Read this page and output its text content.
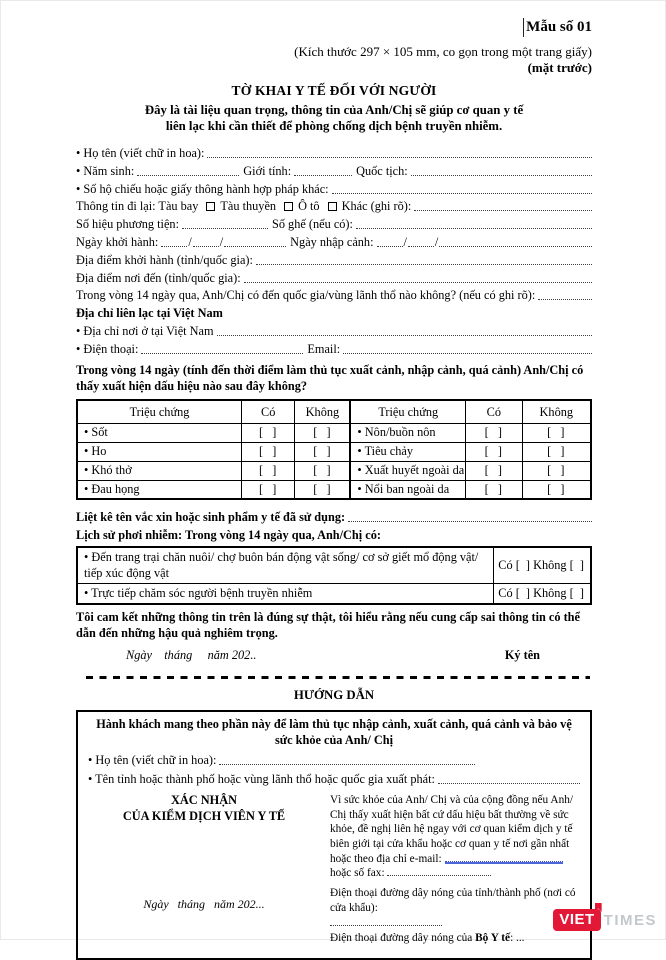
Mẫu số 01
(Kích thước 297 × 105 mm, co gọn trong một trang giấy)
(mặt trước)
TỜ KHAI Y TẾ ĐỐI VỚI NGƯỜI
Đây là tài liệu quan trọng, thông tin của Anh/Chị sẽ giúp cơ quan y tế
liên lạc khi cần thiết để phòng chống dịch bệnh truyền nhiễm.
• Họ tên (viết chữ in hoa):
• Năm sinh:	Giới tính:	Quốc tịch:
• Số hộ chiếu hoặc giấy thông hành hợp pháp khác:
Thông tin đi lại: Tàu bay Tàu thuyền Ô tô Khác (ghi rõ):
Số hiệu phương tiện:	Số ghế (nếu có):
Ngày khởi hành: / /	Ngày nhập cảnh: / /
Địa điểm khởi hành (tỉnh/quốc gia):
Địa điểm nơi đến (tỉnh/quốc gia):
Trong vòng 14 ngày qua, Anh/Chị có đến quốc gia/vùng lãnh thổ nào không? (nếu có ghi rõ):
Địa chỉ liên lạc tại Việt Nam
• Địa chỉ nơi ở tại Việt Nam
• Điện thoại:	Email:
Trong vòng 14 ngày (tính đến thời điểm làm thủ tục xuất cảnh, nhập cảnh, quá cảnh) Anh/Chị có thấy xuất hiện dấu hiệu nào sau đây không?
Triệu chứng	Có	Không	Triệu chứng	Có	Không
• Sốt	[  ]	[  ]	• Nôn/buồn nôn	[  ]	[  ]
• Ho	[  ]	[  ]	• Tiêu chảy	[  ]	[  ]
• Khó thở	[  ]	[  ]	• Xuất huyết ngoài da	[  ]	[  ]
• Đau họng	[  ]	[  ]	• Nổi ban ngoài da	[  ]	[  ]
Liệt kê tên vắc xin hoặc sinh phẩm y tế đã sử dụng:
Lịch sử phơi nhiễm: Trong vòng 14 ngày qua, Anh/Chị có:
• Đến trang trại chăn nuôi/ chợ buôn bán động vật sống/ cơ sở giết mổ động vật/ tiếp xúc động vật	Có [  ] Không [  ]
• Trực tiếp chăm sóc người bệnh truyền nhiễm	Có [  ] Không [  ]
Tôi cam kết những thông tin trên là đúng sự thật, tôi hiểu rằng nếu cung cấp sai thông tin có thể dẫn đến những hậu quả nghiêm trọng.
Ngày    tháng     năm 202..	Ký tên
HƯỚNG DẪN
Hành khách mang theo phần này để làm thủ tục nhập cảnh, xuất cảnh, quá cảnh và bảo vệ sức khỏe của Anh/ Chị
• Họ tên (viết chữ in hoa):
• Tên tỉnh hoặc thành phố hoặc vùng lãnh thổ hoặc quốc gia xuất phát:
XÁC NHẬN
CỦA KIỂM DỊCH VIÊN Y TẾ
Ngày   tháng   năm 202...

Vì sức khỏe của Anh/ Chị và của cộng đồng nếu Anh/ Chị thấy xuất hiện bất cứ dấu hiệu bất thường về sức khỏe, đề nghị liên hệ ngay với cơ quan kiểm dịch y tế biên giới tại cửa khẩu hoặc cơ quan y tế nơi gần nhất hoặc theo địa chỉ e-mail:  hoặc số fax:

Điện thoại đường dây nóng của tỉnh/thành phố (nơi có cửa khẩu):

Điện thoại đường dây nóng của Bộ Y tế: ...

VIET TIMES
